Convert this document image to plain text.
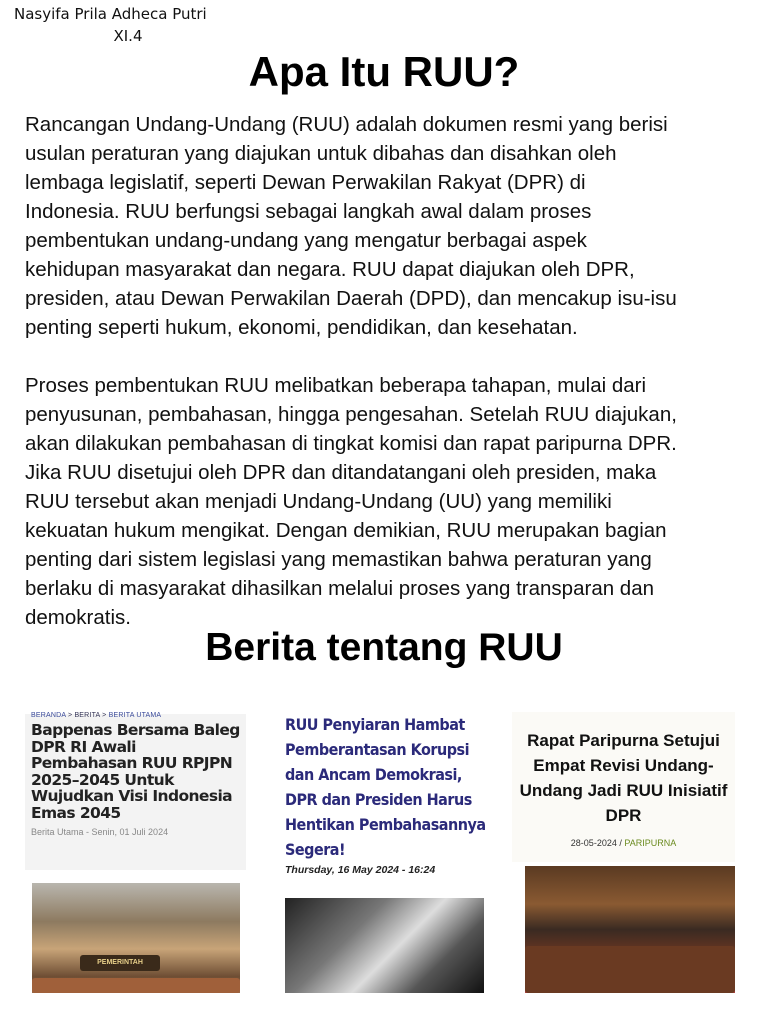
Nasyifa Prila Adheca Putri
XI.4
Apa Itu RUU?
Rancangan Undang-Undang (RUU) adalah dokumen resmi yang berisi
usulan peraturan yang diajukan untuk dibahas dan disahkan oleh
lembaga legislatif, seperti Dewan Perwakilan Rakyat (DPR) di
Indonesia. RUU berfungsi sebagai langkah awal dalam proses
pembentukan undang-undang yang mengatur berbagai aspek
kehidupan masyarakat dan negara. RUU dapat diajukan oleh DPR,
presiden, atau Dewan Perwakilan Daerah (DPD), dan mencakup isu-isu
penting seperti hukum, ekonomi, pendidikan, dan kesehatan.
Proses pembentukan RUU melibatkan beberapa tahapan, mulai dari
penyusunan, pembahasan, hingga pengesahan. Setelah RUU diajukan,
akan dilakukan pembahasan di tingkat komisi dan rapat paripurna DPR.
Jika RUU disetujui oleh DPR dan ditandatangani oleh presiden, maka
RUU tersebut akan menjadi Undang-Undang (UU) yang memiliki
kekuatan hukum mengikat. Dengan demikian, RUU merupakan bagian
penting dari sistem legislasi yang memastikan bahwa peraturan yang
berlaku di masyarakat dihasilkan melalui proses yang transparan dan
demokratis.
Berita tentang RUU
BERANDA > BERITA > BERITA UTAMA
Bappenas Bersama Baleg DPR RI Awali Pembahasan RUU RPJPN 2025–2045 Untuk Wujudkan Visi Indonesia Emas 2045
Berita Utama - Senin, 01 Juli 2024
PEMERINTAH
RUU Penyiaran Hambat Pemberantasan Korupsi dan Ancam Demokrasi, DPR dan Presiden Harus Hentikan Pembahasannya Segera!
Thursday, 16 May 2024 - 16:24
Rapat Paripurna Setujui Empat Revisi Undang-Undang Jadi RUU Inisiatif DPR
28-05-2024 / PARIPURNA
